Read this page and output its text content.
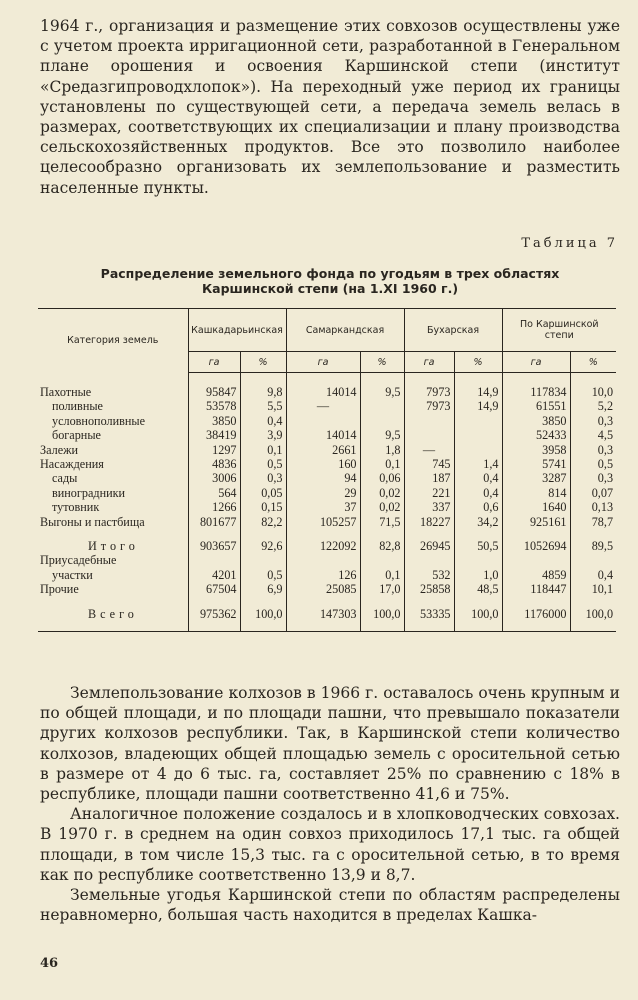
1964 г., организация и размещение этих совхозов осуществлены уже с учетом проекта ирригационной сети, разработанной в Генеральном плане орошения и освоения Каршинской степи (институт «Средазгипроводхлопок»). На переходный уже период их границы установлены по существующей сети, а передача земель велась в размерах, соответствующих их специализации и плану производства сельскохозяйственных продуктов. Все это позволило наиболее целесообразно организовать их землепользование и разместить населенные пункты.

Таблица 7
Распределение земельного фонда по угодьям в трех областях
Каршинской степи (на 1.XI 1960 г.)
Категория земель	Кашкадарьинская		Самаркандская		Бухарская		По Каршинской степи	
	га	%	га	%	га	%	га	%
Пахотные	95847	9,8	14014	9,5	7973	14,9	117834	10,0
поливные	53578	5,5	—		7973	14,9	61551	5,2
условнополивные	3850	0,4					3850	0,3
богарные	38419	3,9	14014	9,5			52433	4,5
Залежи	1297	0,1	2661	1,8	—		3958	0,3
Насаждения	4836	0,5	160	0,1	745	1,4	5741	0,5
сады	3006	0,3	94	0,06	187	0,4	3287	0,3
виноградники	564	0,05	29	0,02	221	0,4	814	0,07
тутовник	1266	0,15	37	0,02	337	0,6	1640	0,13
Выгоны и пастбища	801677	82,2	105257	71,5	18227	34,2	925161	78,7

Итого	903657	92,6	122092	82,8	26945	50,5	1052694	89,5
Приусадебные								
участки	4201	0,5	126	0,1	532	1,0	4859	0,4
Прочие	67504	6,9	25085	17,0	25858	48,5	118447	10,1

Всего	975362	100,0	147303	100,0	53335	100,0	1176000	100,0

Землепользование колхозов в 1966 г. оставалось очень крупным и по общей площади, и по площади пашни, что превышало показатели других колхозов республики. Так, в Каршинской степи количество колхозов, владеющих общей площадью земель с оросительной сетью в размере от 4 до 6 тыс. га, составляет 25% по сравнению с 18% в республике, площади пашни соответственно 41,6 и 75%.

Аналогичное положение создалось и в хлопководческих совхозах. В 1970 г. в среднем на один совхоз приходилось 17,1 тыс. га общей площади, в том числе 15,3 тыс. га с оросительной сетью, в то время как по республике соответственно 13,9 и 8,7.

Земельные угодья Каршинской степи по областям распределены неравномерно, большая часть находится в пределах Кашка-

46
